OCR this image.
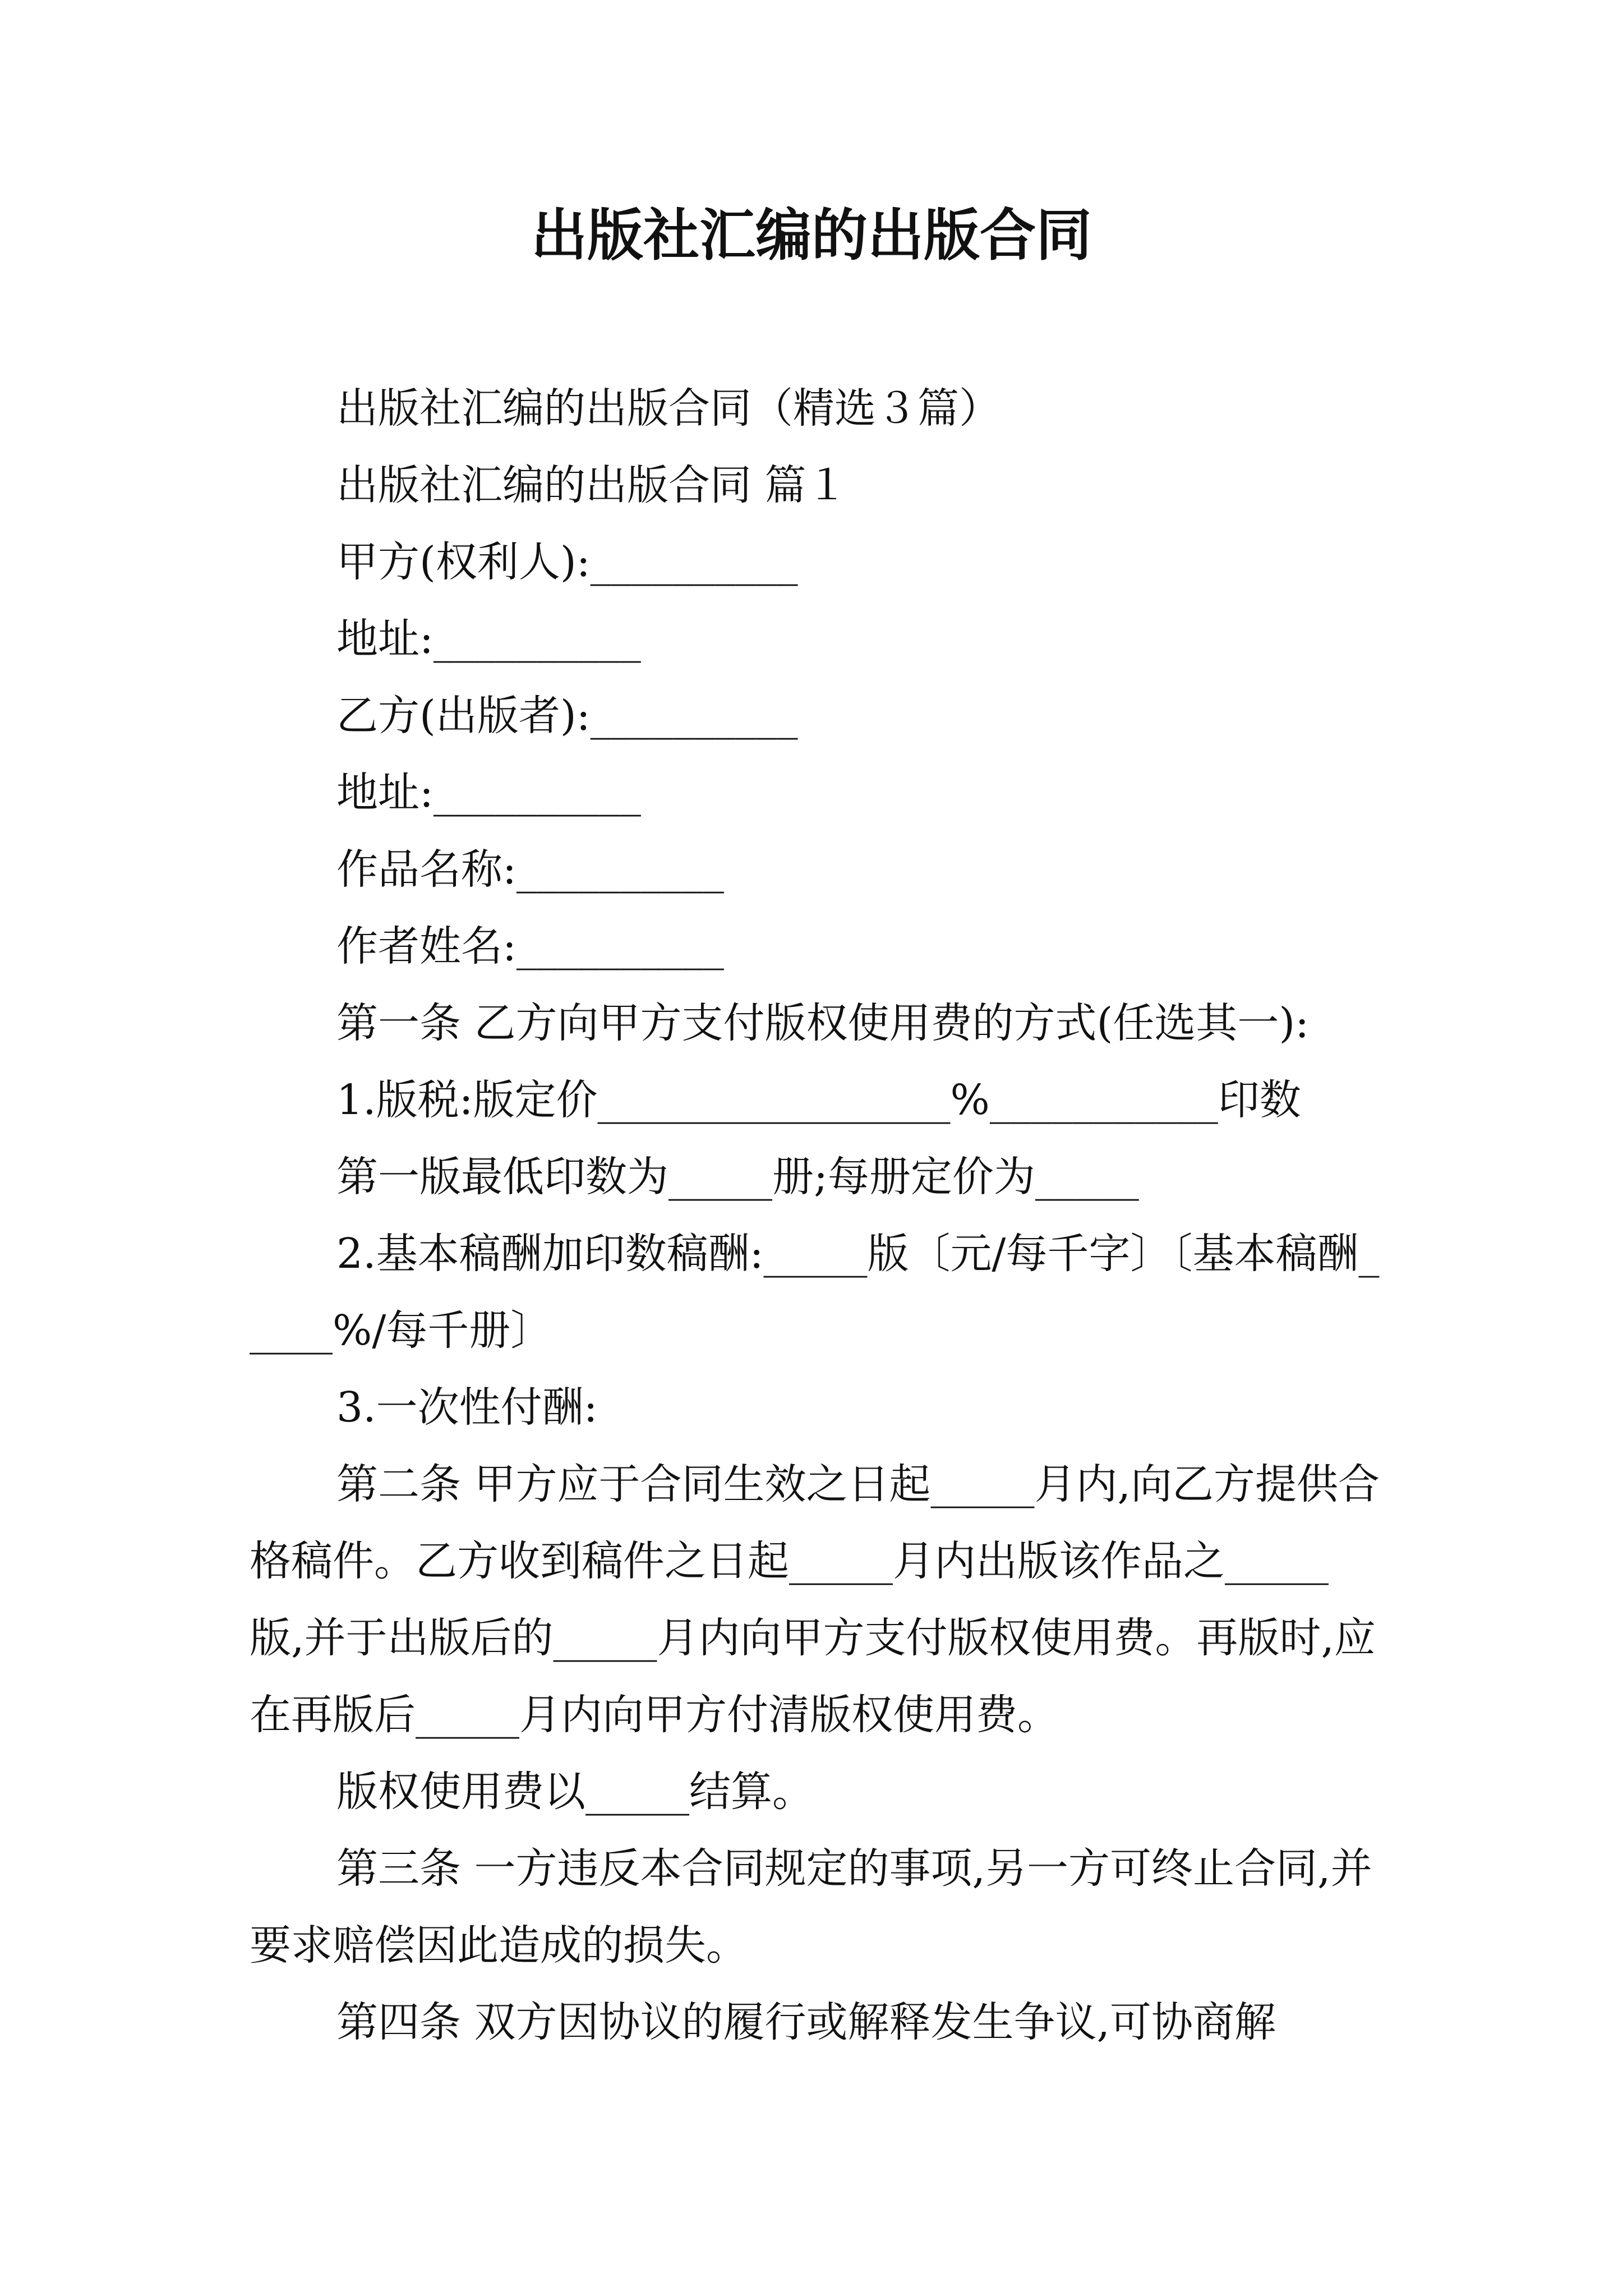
出版社汇编的出版合同

出版社汇编的出版合同（精选３篇）

出版社汇编的出版合同 篇１

甲方(权利人):__________

地址:__________

乙方(出版者):__________

地址:__________

作品名称:__________

作者姓名:__________

第一条 乙方向甲方支付版权使用费的方式(任选其一):

1.版税:版定价_________________%___________印数

第一版最低印数为_____册;每册定价为_____

2.基本稿酬加印数稿酬:_____版〔元/每千字〕〔基本稿酬_____%/每千册〕

3.一次性付酬:

第二条 甲方应于合同生效之日起_____月内,向乙方提供合格稿件。乙方收到稿件之日起_____月内出版该作品之_____版,并于出版后的_____月内向甲方支付版权使用费。再版时,应在再版后_____月内向甲方付清版权使用费。

版权使用费以_____结算。

第三条 一方违反本合同规定的事项,另一方可终止合同,并要求赔偿因此造成的损失。

第四条 双方因协议的履行或解释发生争议,可协商解
